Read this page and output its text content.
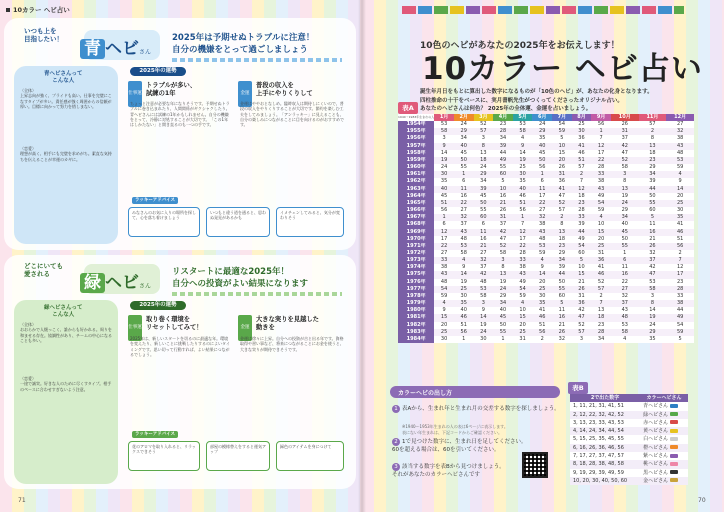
10カラー ヘビ占い
71
いつも上を
目指したい！ 青 ヘビさん
2025年は予期せぬトラブルに注意！
自分の機嫌をとって過ごしましょう
青ヘビさんって
こんな人
〈全体〉
上昇志向が強く、プライドも高い。仕事を完璧にこなすタイプが多い。責任感が強く周囲からの信頼が厚い。目標に向かって努力を惜しまない。
〈恋愛〉
理想が高く、相手にも完璧を求めがち。素直な気持ちを伝えることが幸運のカギに。
2025年の運勢
仕事運
トラブルが多い、
試練の1年
ちょっと注意が必要な年になりそうです。予期せぬトラブルに巻き込まれたり、人間関係がギクシャクしたり。青ヘビさんには試練の1年かもしれません。自分の機嫌をとって、冷静に対処することが大切です。「この1年はしかたない」と開き直るのも一つの手です。
金運
普段の収入を
上手にやりくりして
金運はややおとなしめ。臨時収入は期待しにくいので、普段の収入をやりくりすることが大切です。節約を楽しむ工夫をしてみましょう。「アンラッキー」に見えることも、自分の楽しみにつながることに目を向けるのがおすすめです。
ラッキーアドバイス
みなさんのお気に入りの場所を探して、心を落ち着けましょう
いつもと違う道を通ると、思わぬ発見があるかも
イメチェンしてみると、気分が変わりそう
どこにいても
愛される	緑 ヘビさん
リスタートに最適な2025年！
自分への投資がよい結果になります
緑ヘビさんって
こんな人
〈全体〉
おおらかで人懐っこく、誰からも好かれる。周りを和ませる存在。協調性があり、チームの中心になることも多い。
〈恋愛〉
一途で誠実。好きな人のために尽くすタイプ。相手のペースに合わせすぎないよう注意。
2025年の運勢
仕事運
取り巻く環境を
リセットしてみて！
2025年は、新しいスタートを切るのに最適な年。環境を変えたり、新しいことに挑戦したりするのによいタイミングです。思い切って行動すれば、よい結果につながるでしょう。
金運
大きな実りを見越した
動きを
金運は徐々に上昇。自分への投資が吉と出る年です。資格取得や習い事など、将来につながることにお金を使うと、大きな実りが期待できそうです。
ラッキーアドバイス
花のアロマを取り入れると、リラックスできそう
部屋の模様替えをすると運気アップ
緑色のアイテムを身につけて
10色のヘビがあなたの2025年をお伝えします！
10カラー ヘビ占い
誕生年月日をもとに算出した数字になるものが「10色のヘビ」が、あなたの化身となります。
四柱推命の十干をベースに、実月書帆先生がつくってくださったオリジナル占い。
あなたのヘビさんは何色？ 2025年の全体運、金運を占いましょう。
表A
1940〜1983年生まれの人	1月	2月	3月	4月	5月	6月	7月	8月	9月	10月	11月	12月
1954年	53	24	52	23	53	24	54	25	56	26	57	27
1955年	58	29	57	28	58	29	59	30	1	31	2	32
1956年	3	34	3	34	4	35	5	36	7	37	8	38
1957年	9	40	8	39	9	40	10	41	12	42	13	43
1958年	14	45	13	44	14	45	15	46	17	47	18	48
1959年	19	50	18	49	19	50	20	51	22	52	23	53
1960年	24	55	24	55	25	56	26	57	28	58	29	59
1961年	30	1	29	60	30	1	31	2	33	3	34	4
1962年	35	6	34	5	35	6	36	7	38	8	39	9
1963年	40	11	39	10	40	11	41	12	43	13	44	14
1964年	45	16	45	16	46	17	47	18	49	19	50	20
1965年	51	22	50	21	51	22	52	23	54	24	55	25
1966年	56	27	55	26	56	27	57	28	59	29	60	30
1967年	1	32	60	31	1	32	2	33	4	34	5	35
1968年	6	37	6	37	7	38	8	39	10	40	11	41
1969年	12	43	11	42	12	43	13	44	15	45	16	46
1970年	17	48	16	47	17	48	18	49	20	50	21	51
1971年	22	53	21	52	22	53	23	54	25	55	26	56
1972年	27	58	27	58	28	59	29	60	31	1	32	2
1973年	33	4	32	3	33	4	34	5	36	6	37	7
1974年	38	9	37	8	38	9	39	10	41	11	42	12
1975年	43	14	42	13	43	14	44	15	46	16	47	17
1976年	48	19	48	19	49	20	50	21	52	22	53	23
1977年	54	25	53	24	54	25	55	26	57	27	58	28
1978年	59	30	58	29	59	30	60	31	2	32	3	33
1979年	4	35	3	34	4	35	5	36	7	37	8	38
1980年	9	40	9	40	10	41	11	42	13	43	14	44
1981年	15	46	14	45	15	46	16	47	18	48	19	49
1982年	20	51	19	50	20	51	21	52	23	53	24	54
1983年	25	56	24	55	25	56	26	57	28	58	29	59
1984年	30	1	30	1	31	2	32	3	34	4	35	5
カラーヘビの出し方
1 表Aから、生まれ年と生まれ月の交差する数字を探しましょう。
※1940〜1953年生まれの人の表は6ページに表示します。
表にない年生まれは、下記コードからご確認ください。
2 1で見つけた数字に、生まれ日を足してください。
60を超える場合は、60を引いてください。
3 該当する数字を表Bから見つけましょう。
それがあなたのカラーヘビさんです
表B
2で出た数字	カラーヘビさん
1, 11, 21, 31, 41, 51	青ヘビさん
2, 12, 22, 32, 42, 52	緑ヘビさん
3, 13, 23, 33, 43, 53	赤ヘビさん
4, 14, 24, 34, 44, 54	黄ヘビさん
5, 15, 25, 35, 45, 55	白ヘビさん
6, 16, 26, 36, 46, 56	橙ヘビさん
7, 17, 27, 37, 47, 57	紫ヘビさん
8, 18, 28, 38, 48, 58	桃ヘビさん
9, 19, 29, 39, 49, 59	黒ヘビさん
10, 20, 30, 40, 50, 60	金ヘビさん
70
